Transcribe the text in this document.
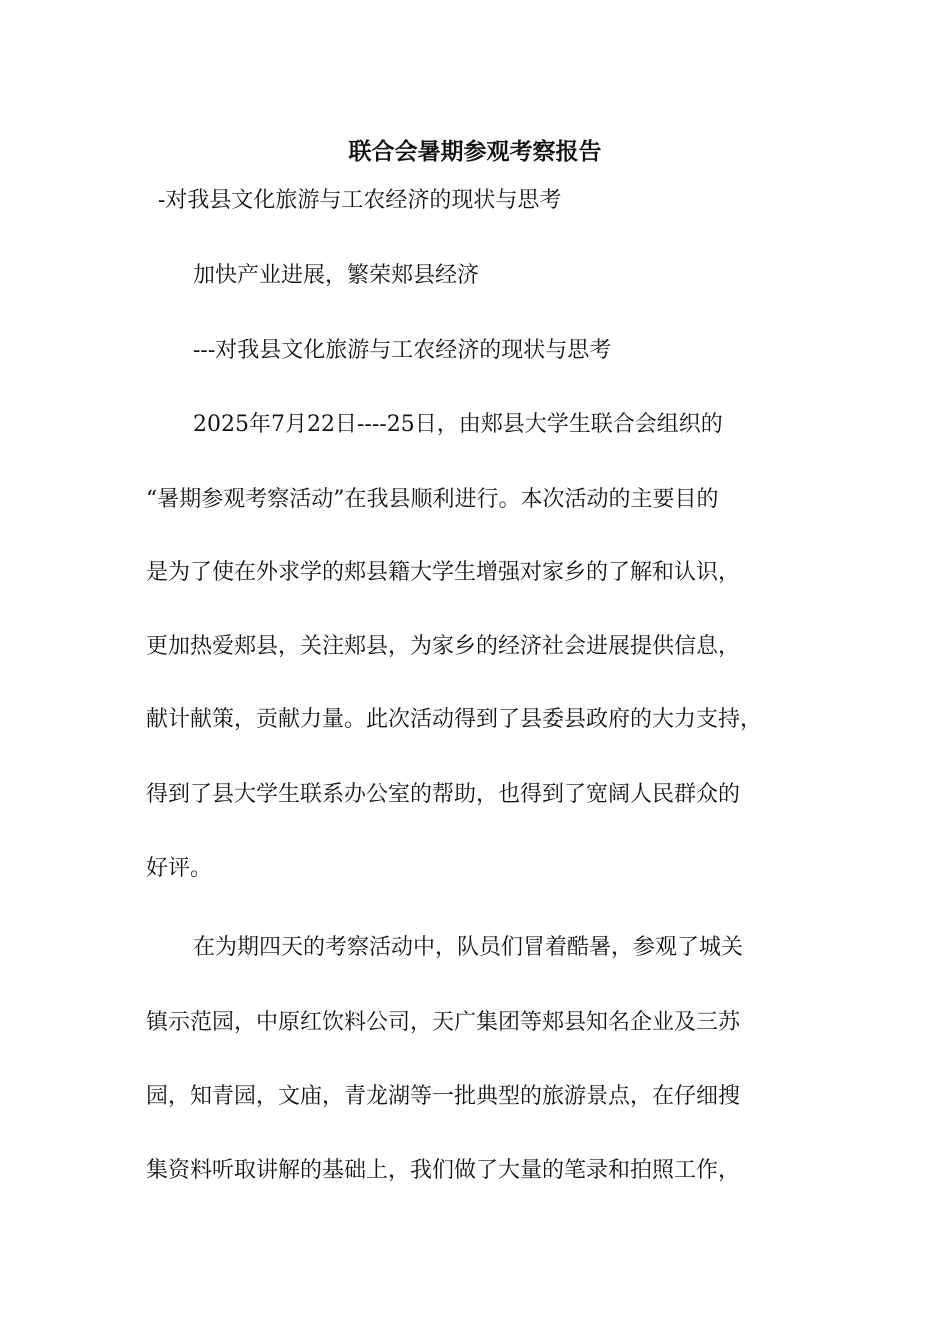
联合会暑期参观考察报告
-对我县文化旅游与工农经济的现状与思考
加快产业进展，繁荣郏县经济
---对我县文化旅游与工农经济的现状与思考
2025年7月22日----25日，由郏县大学生联合会组织的
“暑期参观考察活动”在我县顺利进行。本次活动的主要目的
是为了使在外求学的郏县籍大学生增强对家乡的了解和认识，
更加热爱郏县，关注郏县，为家乡的经济社会进展提供信息，
献计献策，贡献力量。此次活动得到了县委县政府的大力支持，
得到了县大学生联系办公室的帮助，也得到了宽阔人民群众的
好评。
在为期四天的考察活动中，队员们冒着酷暑，参观了城关
镇示范园，中原红饮料公司，天广集团等郏县知名企业及三苏
园，知青园，文庙，青龙湖等一批典型的旅游景点，在仔细搜
集资料听取讲解的基础上，我们做了大量的笔录和拍照工作，
